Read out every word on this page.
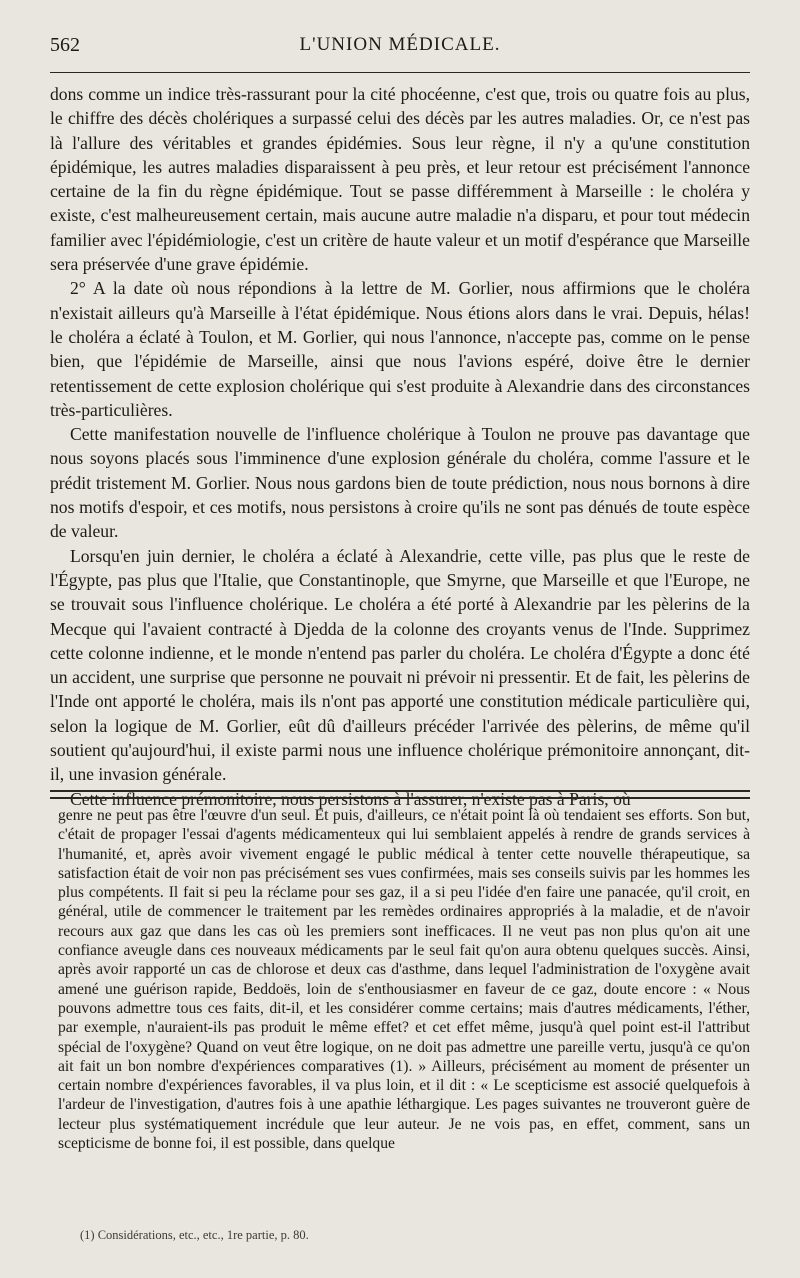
562	L'UNION MÉDICALE.

dons comme un indice très-rassurant pour la cité phocéenne, c'est que, trois ou quatre fois au plus, le chiffre des décès cholériques a surpassé celui des décès par les autres maladies. Or, ce n'est pas là l'allure des véritables et grandes épidémies. Sous leur règne, il n'y a qu'une constitution épidémique, les autres maladies disparaissent à peu près, et leur retour est précisément l'annonce certaine de la fin du règne épidémique. Tout se passe différemment à Marseille : le choléra y existe, c'est malheureusement certain, mais aucune autre maladie n'a disparu, et pour tout médecin familier avec l'épidémiologie, c'est un critère de haute valeur et un motif d'espérance que Marseille sera préservée d'une grave épidémie.

2° A la date où nous répondions à la lettre de M. Gorlier, nous affirmions que le choléra n'existait ailleurs qu'à Marseille à l'état épidémique. Nous étions alors dans le vrai. Depuis, hélas! le choléra a éclaté à Toulon, et M. Gorlier, qui nous l'annonce, n'accepte pas, comme on le pense bien, que l'épidémie de Marseille, ainsi que nous l'avions espéré, doive être le dernier retentissement de cette explosion cholérique qui s'est produite à Alexandrie dans des circonstances très-particulières.

Cette manifestation nouvelle de l'influence cholérique à Toulon ne prouve pas davantage que nous soyons placés sous l'imminence d'une explosion générale du choléra, comme l'assure et le prédit tristement M. Gorlier. Nous nous gardons bien de toute prédiction, nous nous bornons à dire nos motifs d'espoir, et ces motifs, nous persistons à croire qu'ils ne sont pas dénués de toute espèce de valeur.

Lorsqu'en juin dernier, le choléra a éclaté à Alexandrie, cette ville, pas plus que le reste de l'Égypte, pas plus que l'Italie, que Constantinople, que Smyrne, que Marseille et que l'Europe, ne se trouvait sous l'influence cholérique. Le choléra a été porté à Alexandrie par les pèlerins de la Mecque qui l'avaient contracté à Djedda de la colonne des croyants venus de l'Inde. Supprimez cette colonne indienne, et le monde n'entend pas parler du choléra. Le choléra d'Égypte a donc été un accident, une surprise que personne ne pouvait ni prévoir ni pressentir. Et de fait, les pèlerins de l'Inde ont apporté le choléra, mais ils n'ont pas apporté une constitution médicale particulière qui, selon la logique de M. Gorlier, eût dû d'ailleurs précéder l'arrivée des pèlerins, de même qu'il soutient qu'aujourd'hui, il existe parmi nous une influence cholérique prémonitoire annonçant, dit-il, une invasion générale.

Cette influence prémonitoire, nous persistons à l'assurer, n'existe pas à Paris, où

genre ne peut pas être l'œuvre d'un seul. Et puis, d'ailleurs, ce n'était point là où tendaient ses efforts. Son but, c'était de propager l'essai d'agents médicamenteux qui lui semblaient appelés à rendre de grands services à l'humanité, et, après avoir vivement engagé le public médical à tenter cette nouvelle thérapeutique, sa satisfaction était de voir non pas précisément ses vues confirmées, mais ses conseils suivis par les hommes les plus compétents. Il fait si peu la réclame pour ses gaz, il a si peu l'idée d'en faire une panacée, qu'il croit, en général, utile de commencer le traitement par les remèdes ordinaires appropriés à la maladie, et de n'avoir recours aux gaz que dans les cas où les premiers sont inefficaces. Il ne veut pas non plus qu'on ait une confiance aveugle dans ces nouveaux médicaments par le seul fait qu'on aura obtenu quelques succès. Ainsi, après avoir rapporté un cas de chlorose et deux cas d'asthme, dans lequel l'administration de l'oxygène avait amené une guérison rapide, Beddoës, loin de s'enthousiasmer en faveur de ce gaz, doute encore : « Nous pouvons admettre tous ces faits, dit-il, et les considérer comme certains; mais d'autres médicaments, l'éther, par exemple, n'auraient-ils pas produit le même effet? et cet effet même, jusqu'à quel point est-il l'attribut spécial de l'oxygène? Quand on veut être logique, on ne doit pas admettre une pareille vertu, jusqu'à ce qu'on ait fait un bon nombre d'expériences comparatives (1). » Ailleurs, précisément au moment de présenter un certain nombre d'expériences favorables, il va plus loin, et il dit : « Le scepticisme est associé quelquefois à l'ardeur de l'investigation, d'autres fois à une apathie léthargique. Les pages suivantes ne trouveront guère de lecteur plus systématiquement incrédule que leur auteur. Je ne vois pas, en effet, comment, sans un scepticisme de bonne foi, il est possible, dans quelque

(1) Considérations, etc., etc., 1re partie, p. 80.
